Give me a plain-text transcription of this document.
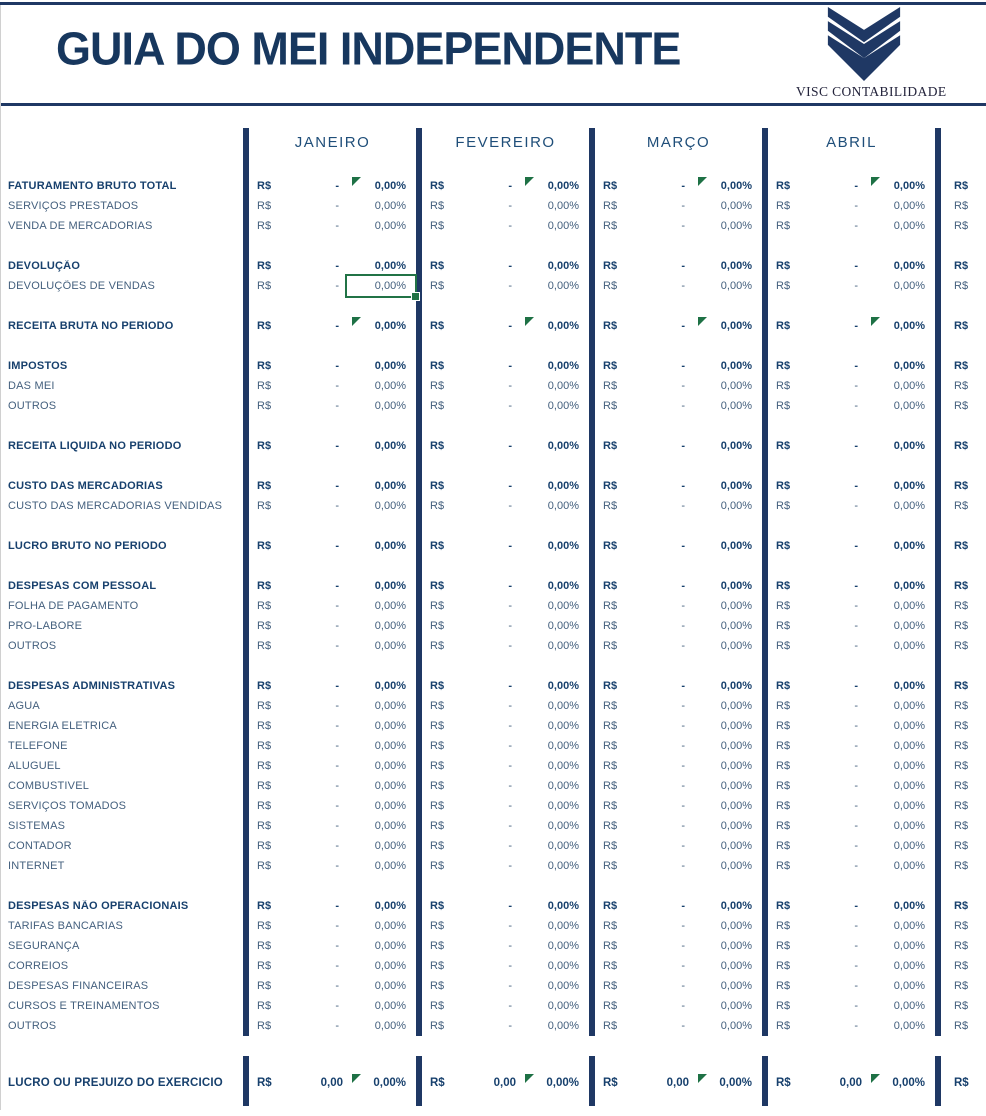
GUIA DO MEI INDEPENDENTE
VISC CONTABILIDADE
JANEIRO	FEVEREIRO	MARÇO	ABRIL
FATURAMENTO BRUTO TOTAL	R$	-	0,00%	R$	-	0,00%	R$	-	0,00%	R$	-	0,00%	R$
SERVIÇOS PRESTADOS	R$	-	0,00%	R$	-	0,00%	R$	-	0,00%	R$	-	0,00%	R$
VENDA DE MERCADORIAS	R$	-	0,00%	R$	-	0,00%	R$	-	0,00%	R$	-	0,00%	R$
DEVOLUÇÃO	R$	-	0,00%	R$	-	0,00%	R$	-	0,00%	R$	-	0,00%	R$
DEVOLUÇÕES DE VENDAS	R$	-	0,00%	R$	-	0,00%	R$	-	0,00%	R$	-	0,00%	R$
RECEITA BRUTA NO PERIODO	R$	-	0,00%	R$	-	0,00%	R$	-	0,00%	R$	-	0,00%	R$
IMPOSTOS	R$	-	0,00%	R$	-	0,00%	R$	-	0,00%	R$	-	0,00%	R$
DAS MEI	R$	-	0,00%	R$	-	0,00%	R$	-	0,00%	R$	-	0,00%	R$
OUTROS	R$	-	0,00%	R$	-	0,00%	R$	-	0,00%	R$	-	0,00%	R$
RECEITA LIQUIDA NO PERIODO	R$	-	0,00%	R$	-	0,00%	R$	-	0,00%	R$	-	0,00%	R$
CUSTO DAS MERCADORIAS	R$	-	0,00%	R$	-	0,00%	R$	-	0,00%	R$	-	0,00%	R$
CUSTO DAS MERCADORIAS VENDIDAS	R$	-	0,00%	R$	-	0,00%	R$	-	0,00%	R$	-	0,00%	R$
LUCRO BRUTO NO PERIODO	R$	-	0,00%	R$	-	0,00%	R$	-	0,00%	R$	-	0,00%	R$
DESPESAS COM PESSOAL	R$	-	0,00%	R$	-	0,00%	R$	-	0,00%	R$	-	0,00%	R$
FOLHA DE PAGAMENTO	R$	-	0,00%	R$	-	0,00%	R$	-	0,00%	R$	-	0,00%	R$
PRO-LABORE	R$	-	0,00%	R$	-	0,00%	R$	-	0,00%	R$	-	0,00%	R$
OUTROS	R$	-	0,00%	R$	-	0,00%	R$	-	0,00%	R$	-	0,00%	R$
DESPESAS ADMINISTRATIVAS	R$	-	0,00%	R$	-	0,00%	R$	-	0,00%	R$	-	0,00%	R$
AGUA	R$	-	0,00%	R$	-	0,00%	R$	-	0,00%	R$	-	0,00%	R$
ENERGIA ELETRICA	R$	-	0,00%	R$	-	0,00%	R$	-	0,00%	R$	-	0,00%	R$
TELEFONE	R$	-	0,00%	R$	-	0,00%	R$	-	0,00%	R$	-	0,00%	R$
ALUGUEL	R$	-	0,00%	R$	-	0,00%	R$	-	0,00%	R$	-	0,00%	R$
COMBUSTIVEL	R$	-	0,00%	R$	-	0,00%	R$	-	0,00%	R$	-	0,00%	R$
SERVIÇOS TOMADOS	R$	-	0,00%	R$	-	0,00%	R$	-	0,00%	R$	-	0,00%	R$
SISTEMAS	R$	-	0,00%	R$	-	0,00%	R$	-	0,00%	R$	-	0,00%	R$
CONTADOR	R$	-	0,00%	R$	-	0,00%	R$	-	0,00%	R$	-	0,00%	R$
INTERNET	R$	-	0,00%	R$	-	0,00%	R$	-	0,00%	R$	-	0,00%	R$
DESPESAS NÃO OPERACIONAIS	R$	-	0,00%	R$	-	0,00%	R$	-	0,00%	R$	-	0,00%	R$
TARIFAS BANCARIAS	R$	-	0,00%	R$	-	0,00%	R$	-	0,00%	R$	-	0,00%	R$
SEGURANÇA	R$	-	0,00%	R$	-	0,00%	R$	-	0,00%	R$	-	0,00%	R$
CORREIOS	R$	-	0,00%	R$	-	0,00%	R$	-	0,00%	R$	-	0,00%	R$
DESPESAS FINANCEIRAS	R$	-	0,00%	R$	-	0,00%	R$	-	0,00%	R$	-	0,00%	R$
CURSOS E TREINAMENTOS	R$	-	0,00%	R$	-	0,00%	R$	-	0,00%	R$	-	0,00%	R$
OUTROS	R$	-	0,00%	R$	-	0,00%	R$	-	0,00%	R$	-	0,00%	R$
LUCRO OU PREJUIZO DO EXERCICIO	R$	0,00	0,00%	R$	0,00	0,00%	R$	0,00	0,00%	R$	0,00	0,00%	R$
